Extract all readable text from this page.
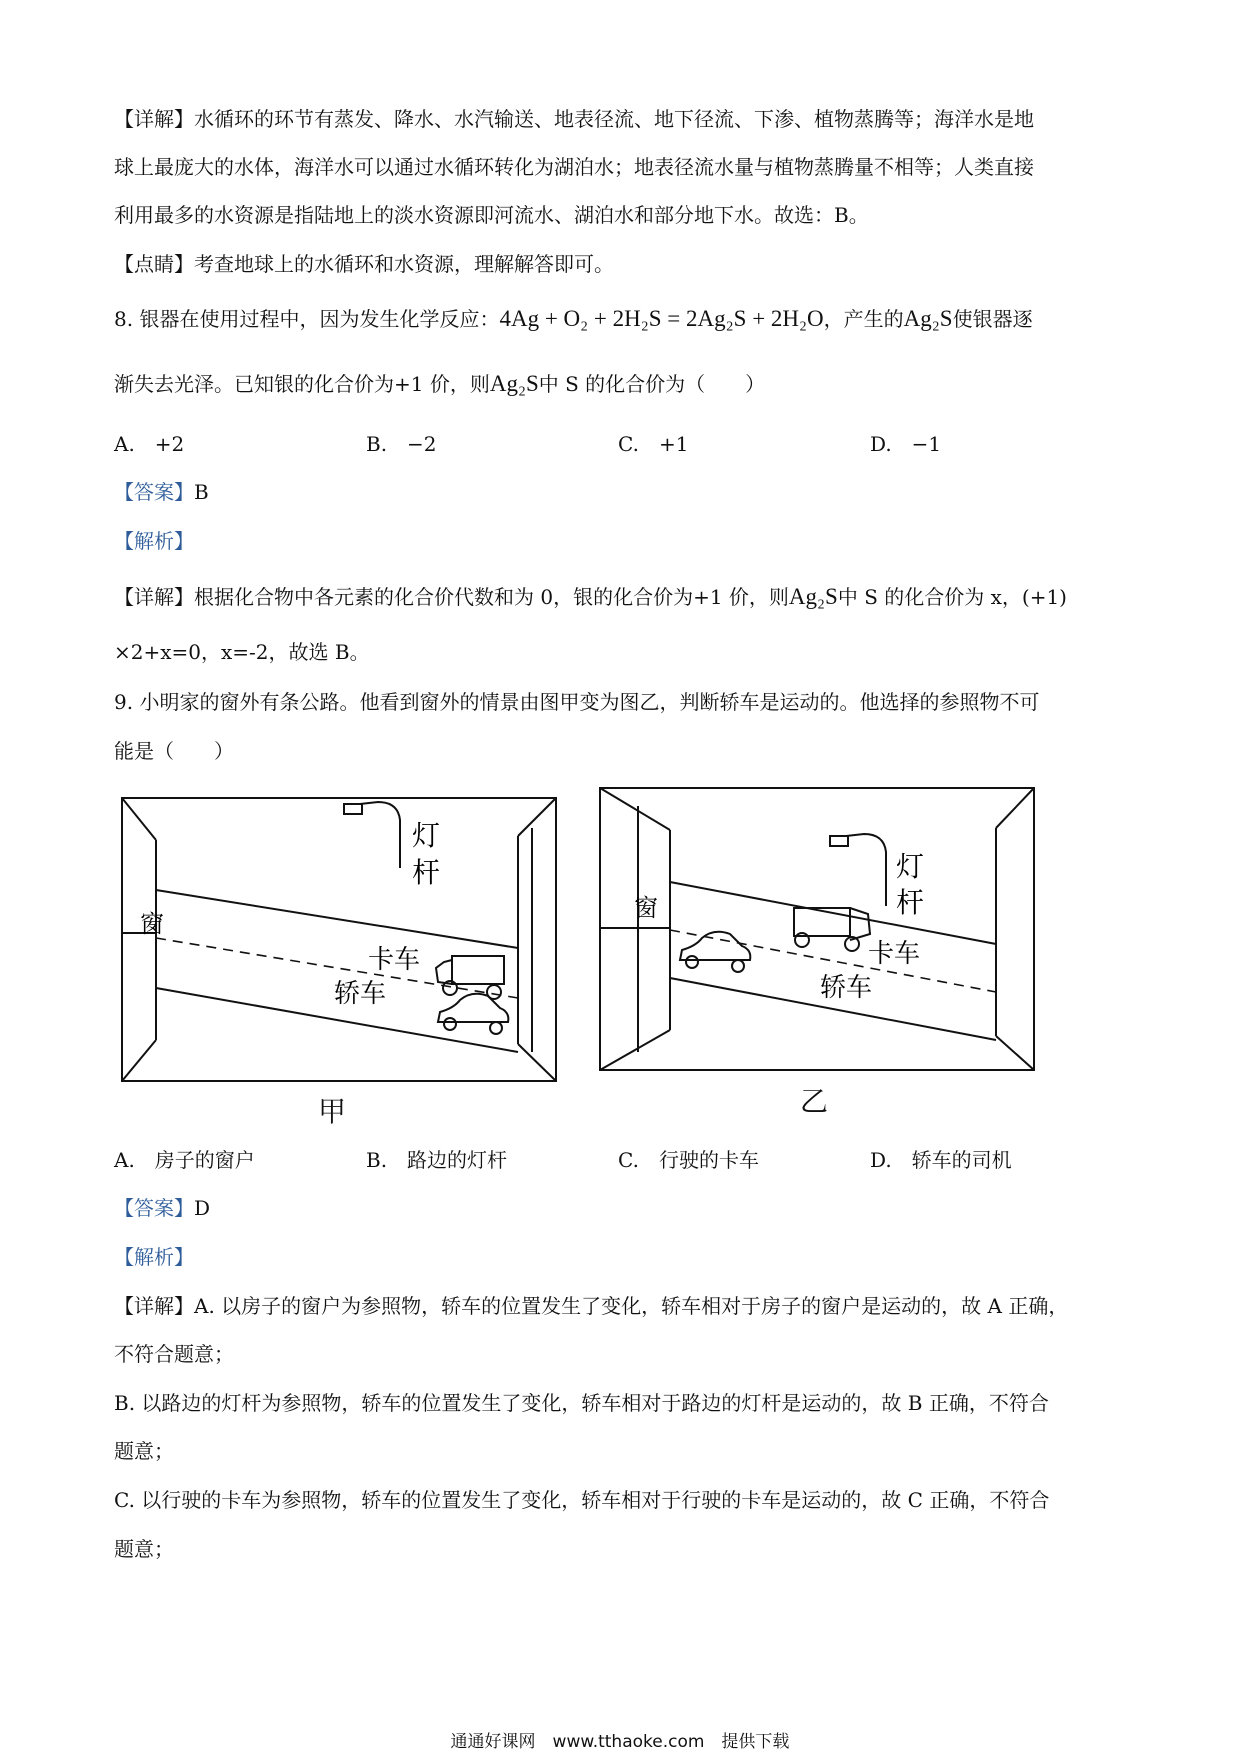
【详解】水循环的环节有蒸发、降水、水汽输送、地表径流、地下径流、下渗、植物蒸腾等；海洋水是地
球上最庞大的水体，海洋水可以通过水循环转化为湖泊水；地表径流水量与植物蒸腾量不相等；人类直接
利用最多的水资源是指陆地上的淡水资源即河流水、湖泊水和部分地下水。故选：B。
【点睛】考查地球上的水循环和水资源，理解解答即可。
8. 银器在使用过程中，因为发生化学反应：4Ag + O₂ + 2H₂S = 2Ag₂S + 2H₂O，产生的Ag₂S使银器逐
渐失去光泽。已知银的化合价为+1 价，则Ag₂S中 S 的化合价为（　　）
A.　+2	B.　−2	C.　+1	D.　−1
【答案】B
【解析】
【详解】根据化合物中各元素的化合价代数和为 0，银的化合价为+1 价，则Ag₂S中 S 的化合价为 x，(+1)
×2+x=0，x=-2，故选 B。
9. 小明家的窗外有条公路。他看到窗外的情景由图甲变为图乙，判断轿车是运动的。他选择的参照物不可
能是（　　）
窗
灯
杆
卡车
轿车
甲
窗
灯
杆
卡车
轿车
乙
A.　房子的窗户	B.　路边的灯杆	C.　行驶的卡车	D.　轿车的司机
【答案】D
【解析】
【详解】A. 以房子的窗户为参照物，轿车的位置发生了变化，轿车相对于房子的窗户是运动的，故 A 正确，
不符合题意；
B. 以路边的灯杆为参照物，轿车的位置发生了变化，轿车相对于路边的灯杆是运动的，故 B 正确，不符合
题意；
C. 以行驶的卡车为参照物，轿车的位置发生了变化，轿车相对于行驶的卡车是运动的，故 C 正确，不符合
题意；
通通好课网　www.tthaoke.com　提供下载
